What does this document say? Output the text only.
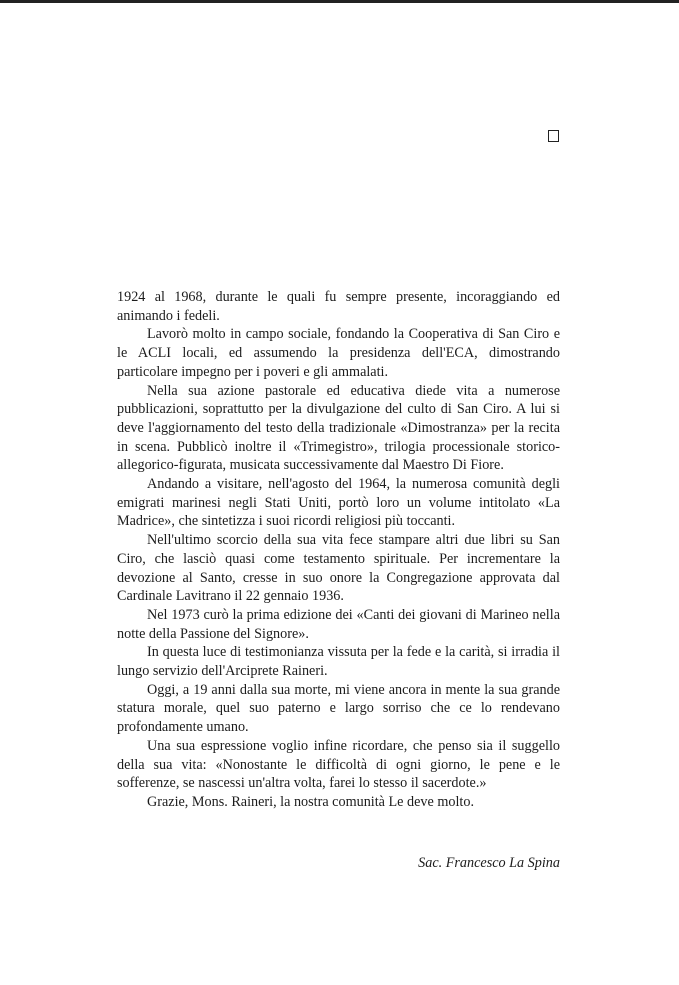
1924 al 1968, durante le quali fu sempre presente, incoraggiando ed animando i fedeli.

Lavorò molto in campo sociale, fondando la Cooperativa di San Ciro e le ACLI locali, ed assumendo la presidenza dell'ECA, dimostrando particolare impegno per i poveri e gli ammalati.

Nella sua azione pastorale ed educativa diede vita a numerose pubblicazioni, soprattutto per la divulgazione del culto di San Ciro. A lui si deve l'aggiornamento del testo della tradizionale «Dimostranza» per la recita in scena. Pubblicò inoltre il «Trimegistro», trilogia processionale storico-allegorico-figurata, musicata successivamente dal Maestro Di Fiore.

Andando a visitare, nell'agosto del 1964, la numerosa comunità degli emigrati marinesi negli Stati Uniti, portò loro un volume intitolato «La Madrice», che sintetizza i suoi ricordi religiosi più toccanti.

Nell'ultimo scorcio della sua vita fece stampare altri due libri su San Ciro, che lasciò quasi come testamento spirituale. Per incrementare la devozione al Santo, cresse in suo onore la Congregazione approvata dal Cardinale Lavitrano il 22 gennaio 1936.

Nel 1973 curò la prima edizione dei «Canti dei giovani di Marineo nella notte della Passione del Signore».

In questa luce di testimonianza vissuta per la fede e la carità, si irradia il lungo servizio dell'Arciprete Raineri.

Oggi, a 19 anni dalla sua morte, mi viene ancora in mente la sua grande statura morale, quel suo paterno e largo sorriso che ce lo rendevano profondamente umano.

Una sua espressione voglio infine ricordare, che penso sia il suggello della sua vita: «Nonostante le difficoltà di ogni giorno, le pene e le sofferenze, se nascessi un'altra volta, farei lo stesso il sacerdote.»

Grazie, Mons. Raineri, la nostra comunità Le deve molto.

Sac. Francesco La Spina
